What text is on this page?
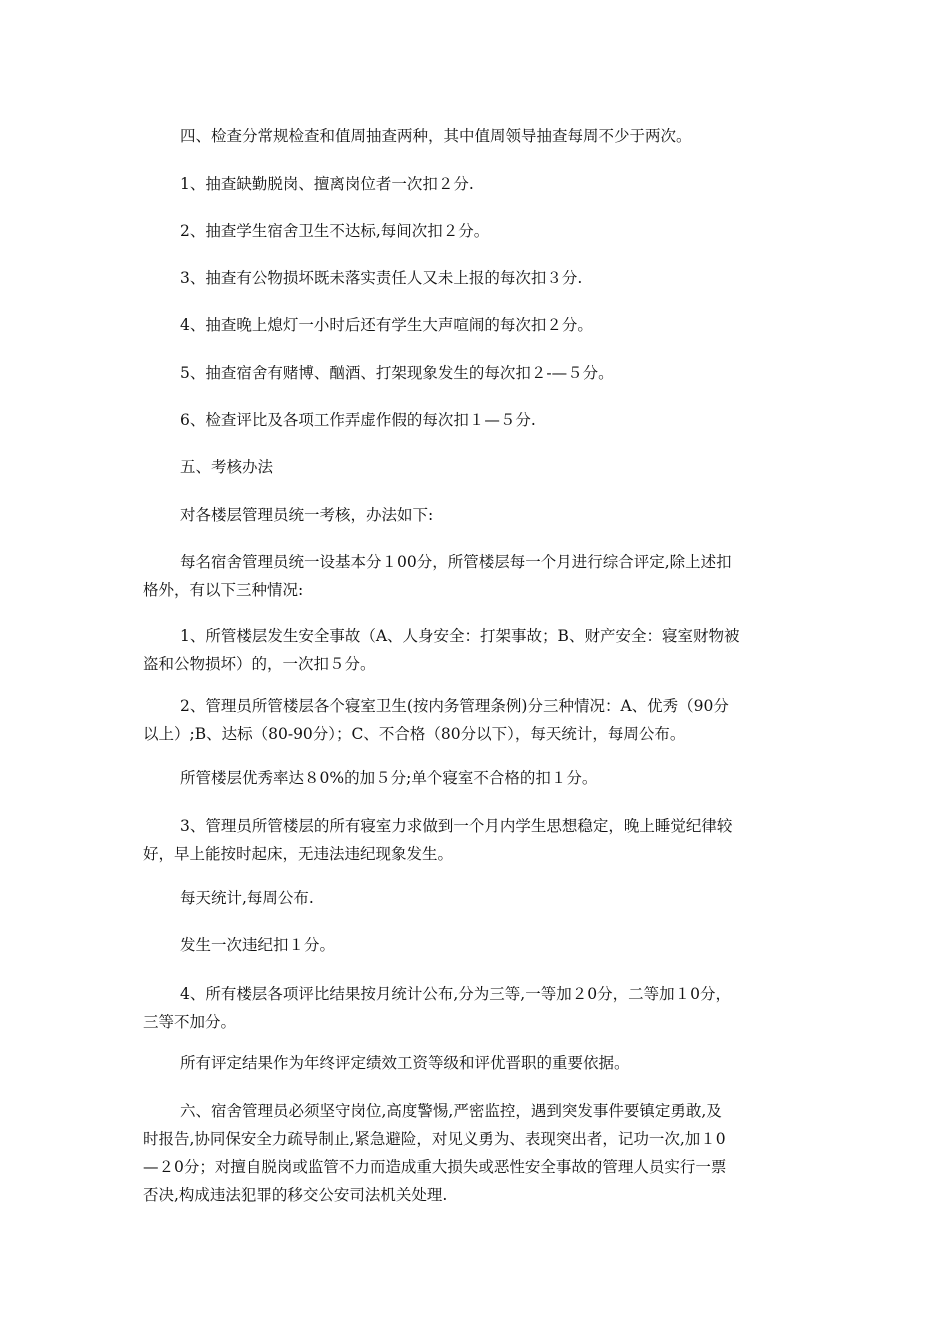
四、检查分常规检查和值周抽查两种，其中值周领导抽查每周不少于两次。
1、抽查缺勤脱岗、擅离岗位者一次扣２分.
2、抽查学生宿舍卫生不达标,每间次扣２分。
3、抽查有公物损坏既未落实责任人又未上报的每次扣３分.
4、抽查晚上熄灯一小时后还有学生大声喧闹的每次扣２分。
5、抽查宿舍有赌博、酗酒、打架现象发生的每次扣２-—５分。
6、检查评比及各项工作弄虚作假的每次扣１—５分.
五、考核办法
对各楼层管理员统一考核，办法如下:
每名宿舍管理员统一设基本分１00分，所管楼层每一个月进行综合评定,除上述扣
格外，有以下三种情况:
1、所管楼层发生安全事故（A、人身安全：打架事故；B、财产安全：寝室财物被
盗和公物损坏）的，一次扣５分。
2、管理员所管楼层各个寝室卫生(按内务管理条例)分三种情况：A、优秀（90分
以上）;B、达标（80-90分）；C、不合格（80分以下），每天统计，每周公布。
所管楼层优秀率达８0%的加５分;单个寝室不合格的扣１分。
3、管理员所管楼层的所有寝室力求做到一个月内学生思想稳定，晚上睡觉纪律较
好，早上能按时起床，无违法违纪现象发生。
每天统计,每周公布.
发生一次违纪扣１分。
4、所有楼层各项评比结果按月统计公布,分为三等,一等加２0分，二等加１0分，
三等不加分。
所有评定结果作为年终评定绩效工资等级和评优晋职的重要依据。
六、宿舍管理员必须坚守岗位,高度警惕,严密监控，遇到突发事件要镇定勇敢,及
时报告,协同保安全力疏导制止,紧急避险，对见义勇为、表现突出者，记功一次,加１0
—２0分；对擅自脱岗或监管不力而造成重大损失或恶性安全事故的管理人员实行一票
否决,构成违法犯罪的移交公安司法机关处理.
